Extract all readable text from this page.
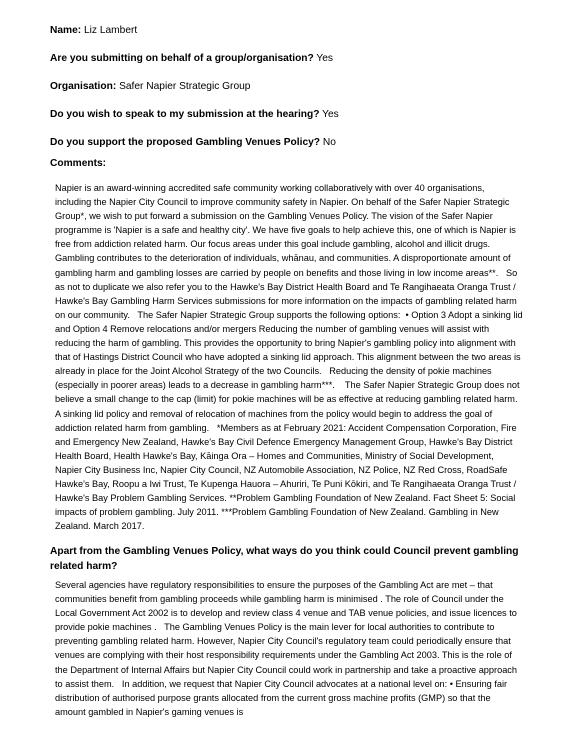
Name: Liz Lambert
Are you submitting on behalf of a group/organisation? Yes
Organisation: Safer Napier Strategic Group
Do you wish to speak to my submission at the hearing? Yes
Do you support the proposed Gambling Venues Policy? No
Comments:
Napier is an award-winning accredited safe community working collaboratively with over 40 organisations, including the Napier City Council to improve community safety in Napier. On behalf of the Safer Napier Strategic Group*, we wish to put forward a submission on the Gambling Venues Policy. The vision of the Safer Napier programme is 'Napier is a safe and healthy city'. We have five goals to help achieve this, one of which is Napier is free from addiction related harm. Our focus areas under this goal include gambling, alcohol and illicit drugs.   Gambling contributes to the deterioration of individuals, whānau, and communities. A disproportionate amount of gambling harm and gambling losses are carried by people on benefits and those living in low income areas**.   So as not to duplicate we also refer you to the Hawke's Bay District Health Board and Te Rangihaeata Oranga Trust / Hawke's Bay Gambling Harm Services submissions for more information on the impacts of gambling related harm on our community.   The Safer Napier Strategic Group supports the following options:  • Option 3 Adopt a sinking lid and Option 4 Remove relocations and/or mergers Reducing the number of gambling venues will assist with reducing the harm of gambling. This provides the opportunity to bring Napier's gambling policy into alignment with that of Hastings District Council who have adopted a sinking lid approach. This alignment between the two areas is already in place for the Joint Alcohol Strategy of the two Councils.   Reducing the density of pokie machines (especially in poorer areas) leads to a decrease in gambling harm***.    The Safer Napier Strategic Group does not believe a small change to the cap (limit) for pokie machines will be as effective at reducing gambling related harm. A sinking lid policy and removal of relocation of machines from the policy would begin to address the goal of addiction related harm from gambling.   *Members as at February 2021: Accident Compensation Corporation, Fire and Emergency New Zealand, Hawke's Bay Civil Defence Emergency Management Group, Hawke's Bay District Health Board, Health Hawke's Bay, Kāinga Ora – Homes and Communities, Ministry of Social Development, Napier City Business Inc, Napier City Council, NZ Automobile Association, NZ Police, NZ Red Cross, RoadSafe Hawke's Bay, Roopu a Iwi Trust, Te Kupenga Hauora – Ahuriri, Te Puni Kōkiri, and Te Rangihaeata Oranga Trust / Hawke's Bay Problem Gambling Services. **Problem Gambling Foundation of New Zealand. Fact Sheet 5: Social impacts of problem gambling. July 2011. ***Problem Gambling Foundation of New Zealand. Gambling in New Zealand. March 2017.
Apart from the Gambling Venues Policy, what ways do you think could Council prevent gambling related harm?
Several agencies have regulatory responsibilities to ensure the purposes of the Gambling Act are met – that communities benefit from gambling proceeds while gambling harm is minimised . The role of Council under the Local Government Act 2002 is to develop and review class 4 venue and TAB venue policies, and issue licences to provide pokie machines .   The Gambling Venues Policy is the main lever for local authorities to contribute to preventing gambling related harm. However, Napier City Council's regulatory team could periodically ensure that venues are complying with their host responsibility requirements under the Gambling Act 2003. This is the role of the Department of Internal Affairs but Napier City Council could work in partnership and take a proactive approach to assist them.   In addition, we request that Napier City Council advocates at a national level on: • Ensuring fair distribution of authorised purpose grants allocated from the current gross machine profits (GMP) so that the amount gambled in Napier's gaming venues is
